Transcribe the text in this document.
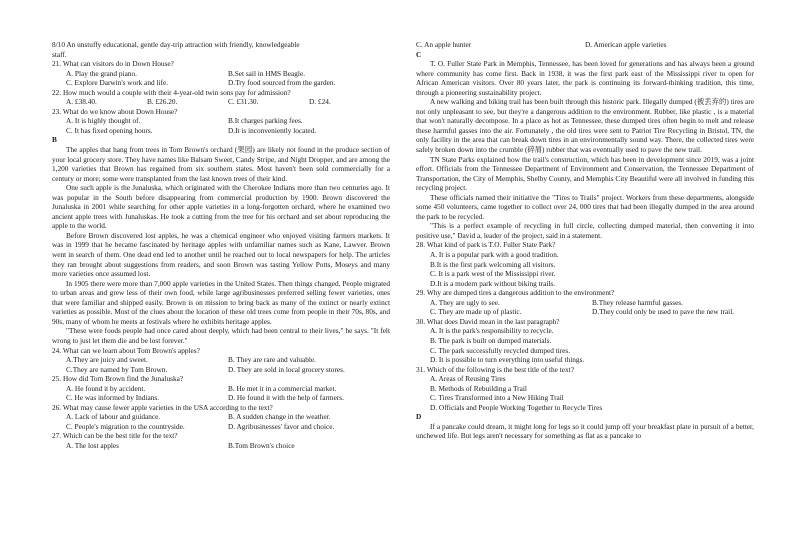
8/10 An unstuffy educational, gentle day-trip attraction with friendly, knowledgeable

staff.

21. What can visitors do in Down House?

A. Play the grand piano.	B.Set sail in HMS Beagle.
C. Explore Darwin's work and life.	D.Try food sourced from the garden.

22. How much would a couple with their 4-year-old twin sons pay for admission?

A. £38.40.	B. £26.20.	C. £31.30.	D. £24.

23. What do we know about Down House?

A. It is highly thought of.	B.It charges parking fees.
C. It has fixed opening hours.	D.It is inconveniently located.

B

The apples that hang from trees in Tom Brown's orchard (果园) are likely not found in the produce section of your local grocery store. They have names like Balsam Sweet, Candy Stripe, and Night Dropper, and are among the 1,200 varieties that Brown has regained from six southern states. Most haven't been sold commercially for a century or more; some were transplanted from the last known trees of their kind.

One such apple is the Junaluska, which originated with the Cherokee Indians more than two centuries ago. It was popular in the South before disappearing from commercial production by 1900. Brown discovered the Junaluska in 2001 while searching for other apple varieties in a long-forgotten orchard, where he examined two ancient apple trees with Junaluskas. He took a cutting from the tree for his orchard and set about reproducing the apple to the world.

Before Brown discovered lost apples, he was a chemical engineer who enjoyed visiting farmers markets. It was in 1999 that he became fascinated by heritage apples with unfamiliar names such as Kane, Lawver. Brown went in search of them. One dead end led to another until he reached out to local newspapers for help. The articles they ran brought about suggestions from readers, and soon Brown was tasting Yellow Potts, Moseys and many more varieties once assumed lost.

In 1905 there were more than 7,000 apple varieties in the United States. Then things changed. People migrated to urban areas and grew less of their own food, while large agribusinesses preferred selling fewer varieties, ones that were familiar and shipped easily. Brown is on mission to bring back as many of the extinct or nearly extinct varieties as possible. Most of the clues about the location of these old trees come from people in their 70s, 80s, and 90s, many of whom he meets at festivals where he exhibits heritage apples.

"These were foods people had once cared about deeply, which had been central to their lives," he says. "It felt wrong to just let them die and be lost forever."

24. What can we learn about Tom Brown's apples?

A.They are juicy and sweet.	B. They are rare and valuable.
C.They are named by Tom Brown.	D. They are sold in local grocery stores.

25. How did Tom Brown find the Junaluska?

A. He found it by accident.	B. He met it in a commercial market.
C. He was informed by Indians.	D. He found it with the help of farmers.

26. What may cause fewer apple varieties in the USA according to the text?

A. Lack of labour and guidance.	B. A sudden change in the weather.
C. People's migration to the countryside.	D. Agribusinesses' favor and choice.

27. Which can be the best title for the text?

A. The lost apples	B.Tom Brown's choice
C. An apple hunter	D. American apple varieties

C

T. O. Fuller State Park in Memphis, Tennessee, has been loved for generations and has always been a ground where community has come first. Back in 1938, it was the first park east of the Mississippi river to open for African American visitors. Over 80 years later, the park is continuing its forward-thinking tradition, this time, through a pioneering sustainability project.

A new walking and biking trail has been built through this historic park. Illegally dumped (被丢弃的) tires are not only unpleasant to see, but they're a dangerous addition to the environment. Rubber, like plastic , is a material that won't naturally decompose. In a place as hot as Tennessee, these dumped tires often begin to melt and release these harmful gasses into the air. Fortunately , the old tires were sent to Patriot Tire Recycling in Bristol, TN, the only facility in the area that can break down tires in an environmentally sound way. There, the collected tires were safely broken down into the crumble (碎屑) rubber that was eventually used to pave the new trail.

TN State Parks explained how the trail's construction, which has been in development since 2019, was a joint effort. Officials from the Tennessee Department of Environment and Conservation, the Tennessee Department of Transportation, the City of Memphis, Shelby County, and Memphis City Beautiful were all involved in funding this recycling project.

These officials named their initiative the "Tires to Trails" project. Workers from these departments, alongside some 450 volunteers, came together to collect over 24, 000 tires that had been illegally dumped in the area around the park to be recycled.

"This is a perfect example of recycling in full circle, collecting dumped material, then converting it into positive use," David a, leader of the project, said in a statement.

28. What kind of park is T.O. Fuller State Park?

A. It is a popular park with a good tradition.
B.It is the first park welcoming all visitors.
C. It is a park west of the Mississippi river.
D.It is a modern park without biking trails.

29. Why are dumped tires a dangerous addition to the environment?

A. They are ugly to see.	B.They release harmful gasses.
C. They are made up of plastic.	D.They could only be used to pave the new trail.

30. What does David mean in the last paragraph?

A. It is the park's responsibility to recycle.
B. The park is built on dumped materials.
C. The park successfully recycled dumped tires.
D. It is possible to turn everything into useful things.

31. Which of the following is the best title of the text?

A. Areas of Reusing Tires
B. Methods of Rebuilding a Trail
C. Tires Transformed into a New Hiking Trail
D. Officials and People Working Together to Recycle Tires

D

If a pancake could dream, it might long for legs so it could jump off your breakfast plate in pursuit of a better, unchewed life. But legs aren't necessary for something as flat as a pancake to
